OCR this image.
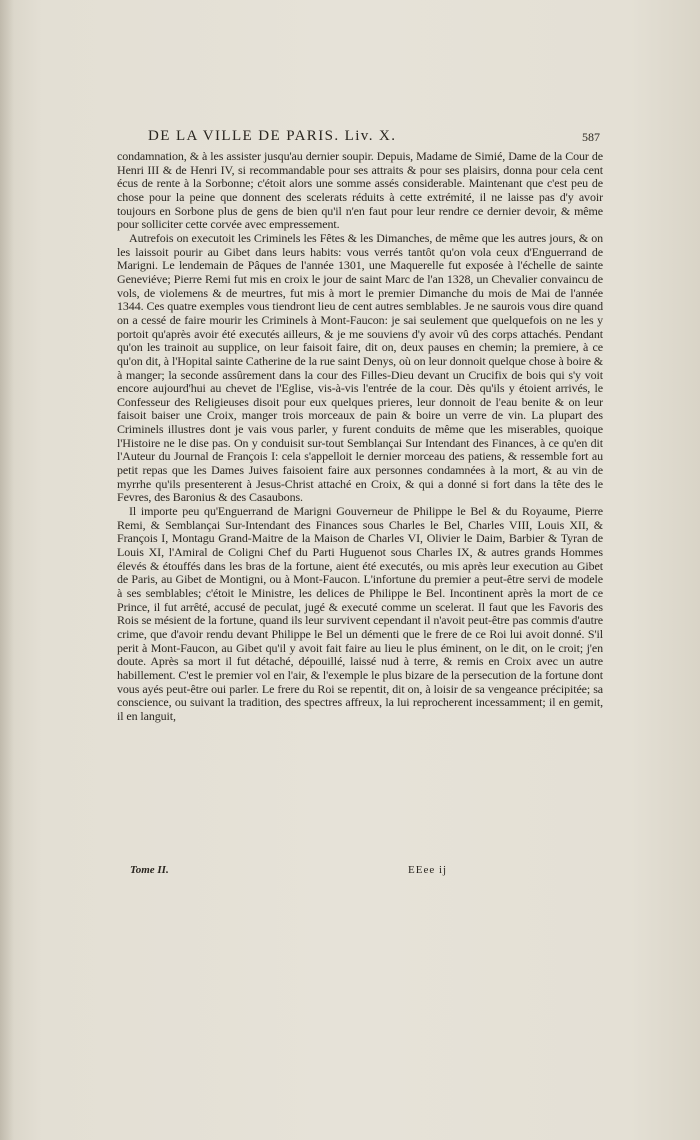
DE LA VILLE DE PARIS. Liv. X.	587

condamnation, & à les assister jusqu'au dernier soupir. Depuis, Madame de Simié, Dame de la Cour de Henri III & de Henri IV, si recommandable pour ses attraits & pour ses plaisirs, donna pour cela cent écus de rente à la Sorbonne; c'étoit alors une somme assés considerable. Maintenant que c'est peu de chose pour la peine que donnent des scelerats réduits à cette extrémité, il ne laisse pas d'y avoir toujours en Sorbone plus de gens de bien qu'il n'en faut pour leur rendre ce dernier devoir, & même pour solliciter cette corvée avec empressement.

Autrefois on executoit les Criminels les Fêtes & les Dimanches, de même que les autres jours, & on les laissoit pourir au Gibet dans leurs habits: vous verrés tantôt qu'on vola ceux d'Enguerrand de Marigni. Le lendemain de Pâques de l'année 1301, une Maquerelle fut exposée à l'échelle de sainte Geneviéve; Pierre Remi fut mis en croix le jour de saint Marc de l'an 1328, un Chevalier convaincu de vols, de violemens & de meurtres, fut mis à mort le premier Dimanche du mois de Mai de l'année 1344. Ces quatre exemples vous tiendront lieu de cent autres semblables. Je ne saurois vous dire quand on a cessé de faire mourir les Criminels à Mont-Faucon: je sai seulement que quelquefois on ne les y portoit qu'après avoir été executés ailleurs, & je me souviens d'y avoir vû des corps attachés. Pendant qu'on les trainoit au supplice, on leur faisoit faire, dit on, deux pauses en chemin; la premiere, à ce qu'on dit, à l'Hopital sainte Catherine de la rue saint Denys, où on leur donnoit quelque chose à boire & à manger; la seconde assûrement dans la cour des Filles-Dieu devant un Crucifix de bois qui s'y voit encore aujourd'hui au chevet de l'Eglise, vis-à-vis l'entrée de la cour. Dès qu'ils y étoient arrivés, le Confesseur des Religieuses disoit pour eux quelques prieres, leur donnoit de l'eau benite & on leur faisoit baiser une Croix, manger trois morceaux de pain & boire un verre de vin. La plupart des Criminels illustres dont je vais vous parler, y furent conduits de même que les miserables, quoique l'Histoire ne le dise pas. On y conduisit sur-tout Semblançai Sur Intendant des Finances, à ce qu'en dit l'Auteur du Journal de François I: cela s'appelloit le dernier morceau des patiens, & ressemble fort au petit repas que les Dames Juives faisoient faire aux personnes condamnées à la mort, & au vin de myrrhe qu'ils presenterent à Jesus-Christ attaché en Croix, & qui a donné si fort dans la tête des le Fevres, des Baronius & des Casaubons.

Il importe peu qu'Enguerrand de Marigni Gouverneur de Philippe le Bel & du Royaume, Pierre Remi, & Semblançai Sur-Intendant des Finances sous Charles le Bel, Charles VIII, Louis XII, & François I, Montagu Grand-Maitre de la Maison de Charles VI, Olivier le Daim, Barbier & Tyran de Louis XI, l'Amiral de Coligni Chef du Parti Huguenot sous Charles IX, & autres grands Hommes élevés & étouffés dans les bras de la fortune, aient été executés, ou mis après leur execution au Gibet de Paris, au Gibet de Montigni, ou à Mont-Faucon. L'infortune du premier a peut-être servi de modele à ses semblables; c'étoit le Ministre, les delices de Philippe le Bel. Incontinent après la mort de ce Prince, il fut arrêté, accusé de peculat, jugé & executé comme un scelerat. Il faut que les Favoris des Rois se mésient de la fortune, quand ils leur survivent cependant il n'avoit peut-être pas commis d'autre crime, que d'avoir rendu devant Philippe le Bel un démenti que le frere de ce Roi lui avoit donné. S'il perit à Mont-Faucon, au Gibet qu'il y avoit fait faire au lieu le plus éminent, on le dit, on le croit; j'en doute. Après sa mort il fut détaché, dépouillé, laissé nud à terre, & remis en Croix avec un autre habillement. C'est le premier vol en l'air, & l'exemple le plus bizare de la persecution de la fortune dont vous ayés peut-être oui parler. Le frere du Roi se repentit, dit on, à loisir de sa vengeance précipitée; sa conscience, ou suivant la tradition, des spectres affreux, la lui reprocherent incessamment; il en gemit, il en languit,

Tome II.	EEee ij
